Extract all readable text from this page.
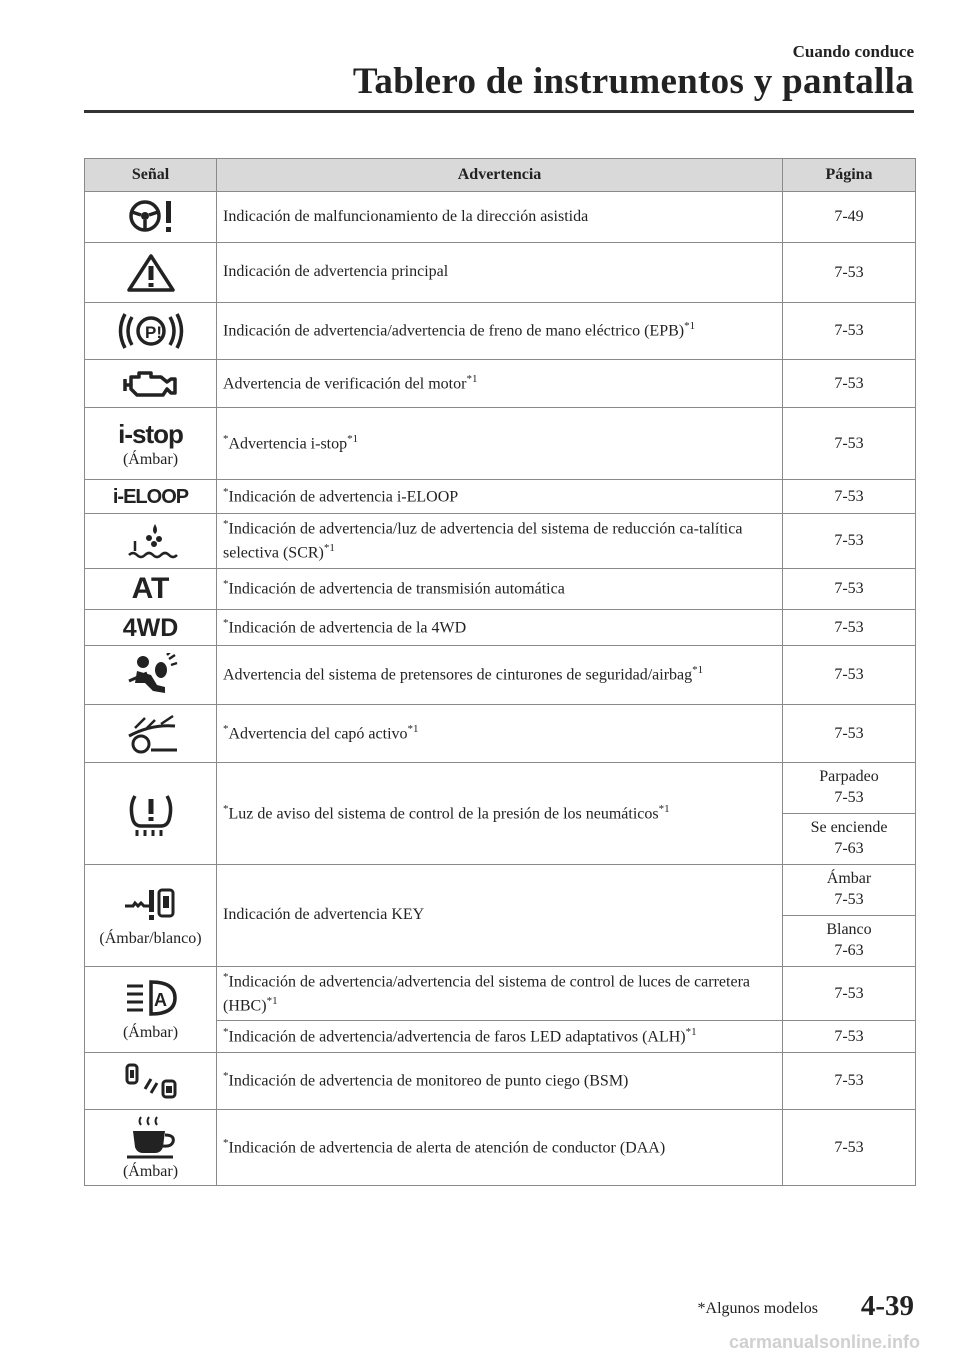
Cuando conduce
Tablero de instrumentos y pantalla
Señal	Advertencia	Página

	Indicación de malfuncionamiento de la dirección asistida	7-49

	Indicación de advertencia principal	7-53

P!	Indicación de advertencia/advertencia de freno de mano eléctrico (EPB)$^{*1}$	7-53

	Advertencia de verificación del motor$^{*1}$	7-53

i-stop
(Ámbar)	*Advertencia i-stop$^{*1}$	7-53

i-ELOOP	*Indicación de advertencia i-ELOOP	7-53

	*Indicación de advertencia/luz de advertencia del sistema de reducción ca-talítica selectiva (SCR)$^{*1}$	7-53

AT	*Indicación de advertencia de transmisión automática	7-53

4WD	*Indicación de advertencia de la 4WD	7-53

	Advertencia del sistema de pretensores de cinturones de seguridad/airbag$^{*1}$	7-53

	*Advertencia del capó activo$^{*1}$	7-53

	*Luz de aviso del sistema de control de la presión de los neumáticos$^{*1}$	Parpadeo
7-53
		Se enciende
7-63

(Ámbar/blanco)	Indicación de advertencia KEY	Ámbar
7-53
		Blanco
7-63

A
(Ámbar)	*Indicación de advertencia/advertencia del sistema de control de luces de carretera (HBC)$^{*1}$	7-53
	*Indicación de advertencia/advertencia de faros LED adaptativos (ALH)$^{*1}$	7-53

	*Indicación de advertencia de monitoreo de punto ciego (BSM)	7-53

(Ámbar)	*Indicación de advertencia de alerta de atención de conductor (DAA)	7-53
*Algunos modelos 4-39
carmanualsonline.info
